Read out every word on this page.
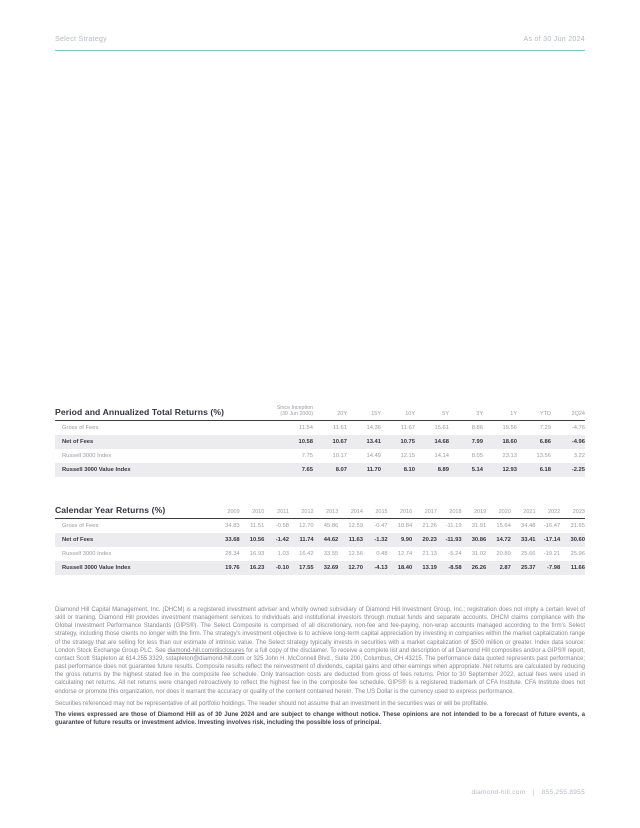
Select Strategy	As of 30 Jun 2024
Period and Annualized Total Returns (%)	Since Inception
(30 Jun 2000)	20Y	15Y	10Y	5Y	3Y	1Y	YTD	2Q24
Gross of Fees	11.54	11.61	14.36	11.67	15.61	8.86	19.56	7.29	-4.76
Net of Fees	10.58	10.67	13.41	10.75	14.68	7.99	18.60	6.86	-4.96
Russell 3000 Index	7.75	10.17	14.49	12.15	14.14	8.05	23.13	13.56	3.22
Russell 3000 Value Index	7.65	8.07	11.70	8.10	8.89	5.14	12.93	6.18	-2.25
Calendar Year Returns (%)	2009	2010	2011	2012	2013	2014	2015	2016	2017	2018	2019	2020	2021	2022	2023
Gross of Fees	34.83	11.51	-0.58	12.70	45.86	12.59	-0.47	10.84	21.26	-11.19	31.91	15.64	34.48	-16.47	31.65
Net of Fees	33.68	10.56	-1.42	11.74	44.62	11.63	-1.32	9.90	20.23	-11.93	30.86	14.72	33.41	-17.14	30.60
Russell 3000 Index	28.34	16.93	1.03	16.42	33.55	12.56	0.48	12.74	21.13	-5.24	31.02	20.89	25.66	-19.21	25.96
Russell 3000 Value Index	19.76	16.23	-0.10	17.55	32.69	12.70	-4.13	18.40	13.19	-8.58	26.26	2.87	25.37	-7.98	11.66

Diamond Hill Capital Management, Inc. (DHCM) is a registered investment adviser and wholly owned subsidiary of Diamond Hill Investment Group, Inc.; registration does not imply a certain level of skill or training. Diamond Hill provides investment management services to individuals and institutional investors through mutual funds and separate accounts. DHCM claims compliance with the Global Investment Performance Standards (GIPS®). The Select Composite is comprised of all discretionary, non-fee and fee-paying, non-wrap accounts managed according to the firm's Select strategy, including those clients no longer with the firm. The strategy's investment objective is to achieve long-term capital appreciation by investing in companies within the market capitalization range of the strategy that are selling for less than our estimate of intrinsic value. The Select strategy typically invests in securities with a market capitalization of $500 million or greater. Index data source: London Stock Exchange Group PLC. See diamond-hill.com/disclosures for a full copy of the disclaimer. To receive a complete list and description of all Diamond Hill composites and/or a GIPS® report, contact Scott Stapleton at 614.255.3329, sstapleton@diamond-hill.com or 325 John H. McConnell Blvd., Suite 200, Columbus, OH 43215. The performance data quoted represents past performance; past performance does not guarantee future results. Composite results reflect the reinvestment of dividends, capital gains and other earnings when appropriate. Net returns are calculated by reducing the gross returns by the highest stated fee in the composite fee schedule. Only transaction costs are deducted from gross of fees returns. Prior to 30 September 2022, actual fees were used in calculating net returns. All net returns were changed retroactively to reflect the highest fee in the composite fee schedule. GIPS® is a registered trademark of CFA Institute. CFA Institute does not endorse or promote this organization, nor does it warrant the accuracy or quality of the content contained herein. The US Dollar is the currency used to express performance.

Securities referenced may not be representative of all portfolio holdings. The reader should not assume that an investment in the securities was or will be profitable.

The views expressed are those of Diamond Hill as of 30 June 2024 and are subject to change without notice. These opinions are not intended to be a forecast of future events, a guarantee of future results or investment advice. Investing involves risk, including the possible loss of principal.

diamond-hill.com | 855.255.8955
